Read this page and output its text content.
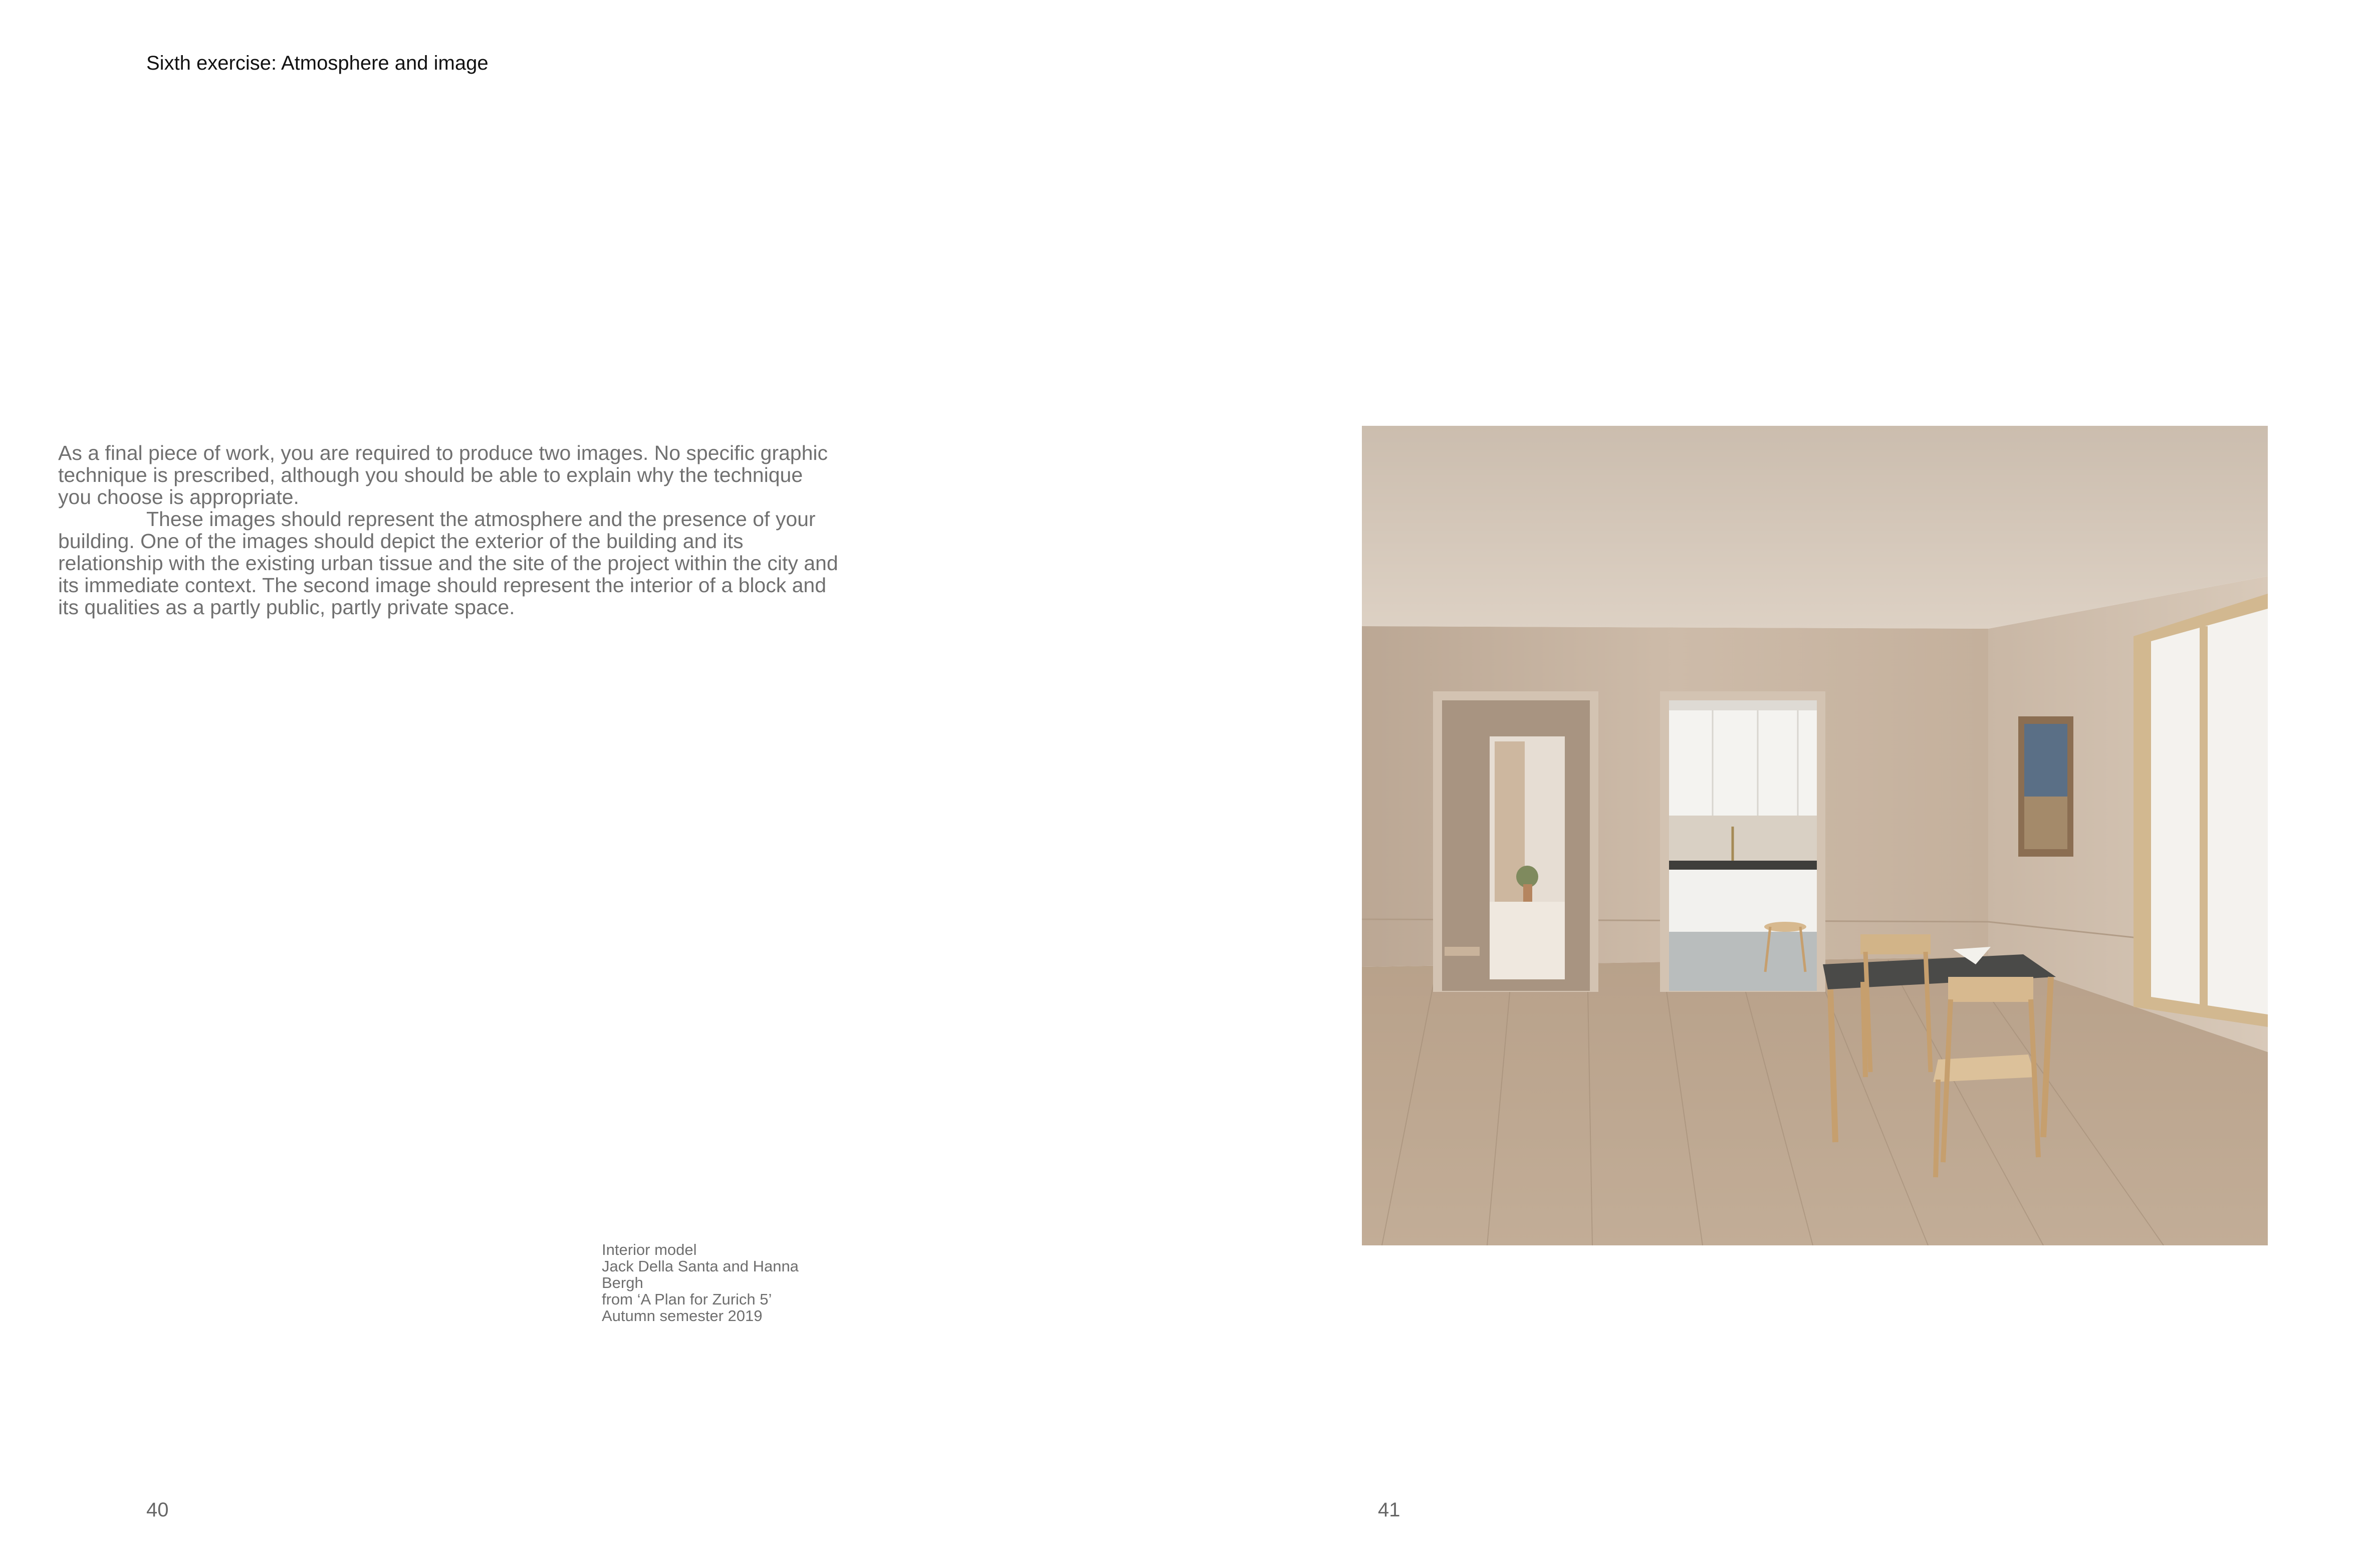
Sixth exercise: Atmosphere and image

As a final piece of work, you are required to produce two images. No specific graphic technique is prescribed, although you should be able to explain why the technique you choose is appropriate.

These images should represent the atmosphere and the presence of your building. One of the images should depict the exterior of the building and its relationship with the existing urban tissue and the site of the project within the city and its immediate context. The second image should represent the interior of a block and its qualities as a partly public, partly private space.

Interior model
Jack Della Santa and Hanna Bergh
from ‘A Plan for Zurich 5’
Autumn semester 2019
40	41
